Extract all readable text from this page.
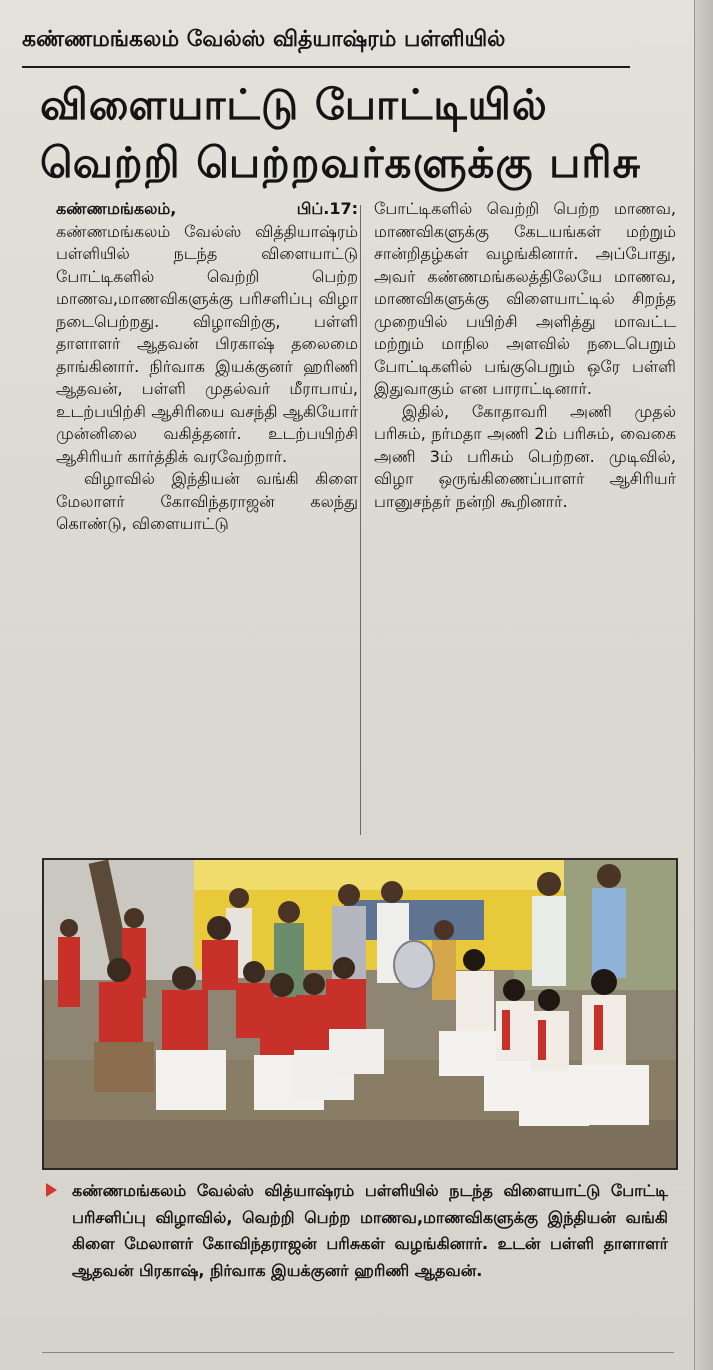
கண்ணமங்கலம் வேல்ஸ் வித்யாஷ்ரம் பள்ளியில்
விளையாட்டு போட்டியில்
வெற்றி பெற்றவர்களுக்கு பரிசு

கண்ணமங்கலம், பிப்.17: கண்ணமங்கலம் வேல்ஸ் வித்தியாஷ்ரம் பள்ளியில் நடந்த விளையாட்டு போட்டிகளில் வெற்றி பெற்ற மாணவ,மாணவிகளுக்கு பரிசளிப்பு விழா நடைபெற்றது. விழாவிற்கு, பள்ளி தாளாளர் ஆதவன் பிரகாஷ் தலைமை தாங்கினார். நிர்வாக இயக்குனர் ஹரிணி ஆதவன், பள்ளி முதல்வர் மீராபாய், உடற்பயிற்சி ஆசிரியை வசந்தி ஆகியோர் முன்னிலை வகித்தனர். உடற்பயிற்சி ஆசிரியர் கார்த்திக் வரவேற்றார்.

விழாவில் இந்தியன் வங்கி கிளை மேலாளர் கோவிந்தராஜன் கலந்து கொண்டு, விளையாட்டு

போட்டிகளில் வெற்றி பெற்ற மாணவ, மாணவிகளுக்கு கேடயங்கள் மற்றும் சான்றிதழ்கள் வழங்கினார். அப்போது, அவர் கண்ணமங்கலத்திலேயே மாணவ, மாணவிகளுக்கு விளையாட்டில் சிறந்த முறையில் பயிற்சி அளித்து மாவட்ட மற்றும் மாநில அளவில் நடைபெறும் போட்டிகளில் பங்குபெறும் ஒரே பள்ளி இதுவாகும் என பாராட்டினார்.

இதில், கோதாவரி அணி முதல் பரிசும், நர்மதா அணி 2ம் பரிசும், வைகை அணி 3ம் பரிசும் பெற்றன. முடிவில், விழா ஒருங்கிணைப்பாளர் ஆசிரியர் பானுசந்தர் நன்றி கூறினார்.

கண்ணமங்கலம் வேல்ஸ் வித்யாஷ்ரம் பள்ளியில் நடந்த விளையாட்டு போட்டி பரிசளிப்பு விழாவில், வெற்றி பெற்ற மாணவ,மாணவிகளுக்கு இந்தியன் வங்கி கிளை மேலாளர் கோவிந்தராஜன் பரிசுகள் வழங்கினார். உடன் பள்ளி தாளாளர் ஆதவன் பிரகாஷ், நிர்வாக இயக்குனர் ஹரிணி ஆதவன்.
